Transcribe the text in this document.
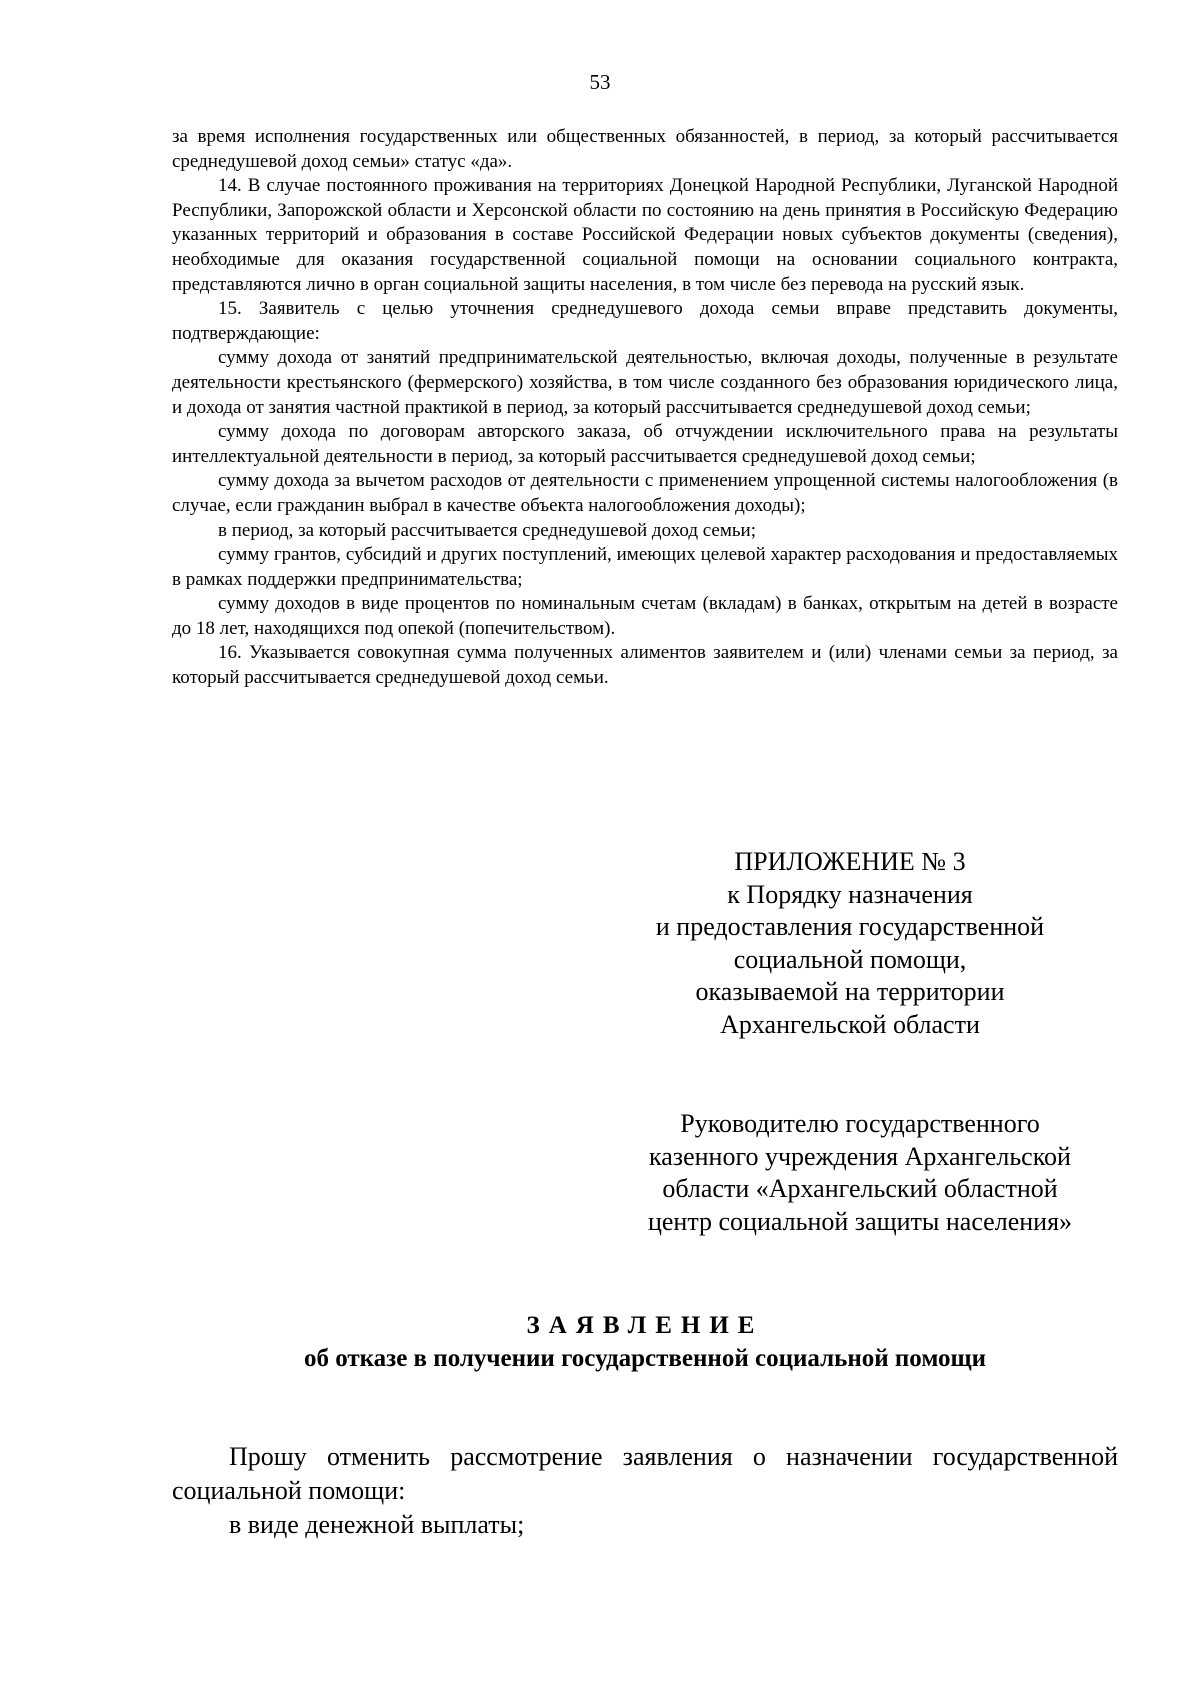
53

за время исполнения государственных или общественных обязанностей, в период, за который рассчитывается среднедушевой доход семьи» статус «да».

14. В случае постоянного проживания на территориях Донецкой Народной Республики, Луганской Народной Республики, Запорожской области и Херсонской области по состоянию на день принятия в Российскую Федерацию указанных территорий и образования в составе Российской Федерации новых субъектов документы (сведения), необходимые для оказания государственной социальной помощи на основании социального контракта, представляются лично в орган социальной защиты населения, в том числе без перевода на русский язык.

15. Заявитель с целью уточнения среднедушевого дохода семьи вправе представить документы, подтверждающие:

сумму дохода от занятий предпринимательской деятельностью, включая доходы, полученные в результате деятельности крестьянского (фермерского) хозяйства, в том числе созданного без образования юридического лица, и дохода от занятия частной практикой в период, за который рассчитывается среднедушевой доход семьи;

сумму дохода по договорам авторского заказа, об отчуждении исключительного права на результаты интеллектуальной деятельности в период, за который рассчитывается среднедушевой доход семьи;

сумму дохода за вычетом расходов от деятельности с применением упрощенной системы налогообложения (в случае, если гражданин выбрал в качестве объекта налогообложения доходы);

в период, за который рассчитывается среднедушевой доход семьи;

сумму грантов, субсидий и других поступлений, имеющих целевой характер расходования и предоставляемых в рамках поддержки предпринимательства;

сумму доходов в виде процентов по номинальным счетам (вкладам) в банках, открытым на детей в возрасте до 18 лет, находящихся под опекой (попечительством).

16. Указывается совокупная сумма полученных алиментов заявителем и (или) членами семьи за период, за который рассчитывается среднедушевой доход семьи.

ПРИЛОЖЕНИЕ № 3
к Порядку назначения
и предоставления государственной
социальной помощи,
оказываемой на территории
Архангельской области
Руководителю государственного
казенного учреждения Архангельской
области «Архангельский областной
центр социальной защиты населения»
ЗАЯВЛЕНИЕ
об отказе в получении государственной социальной помощи

Прошу отменить рассмотрение заявления о назначении государственной социальной помощи:

в виде денежной выплаты;
